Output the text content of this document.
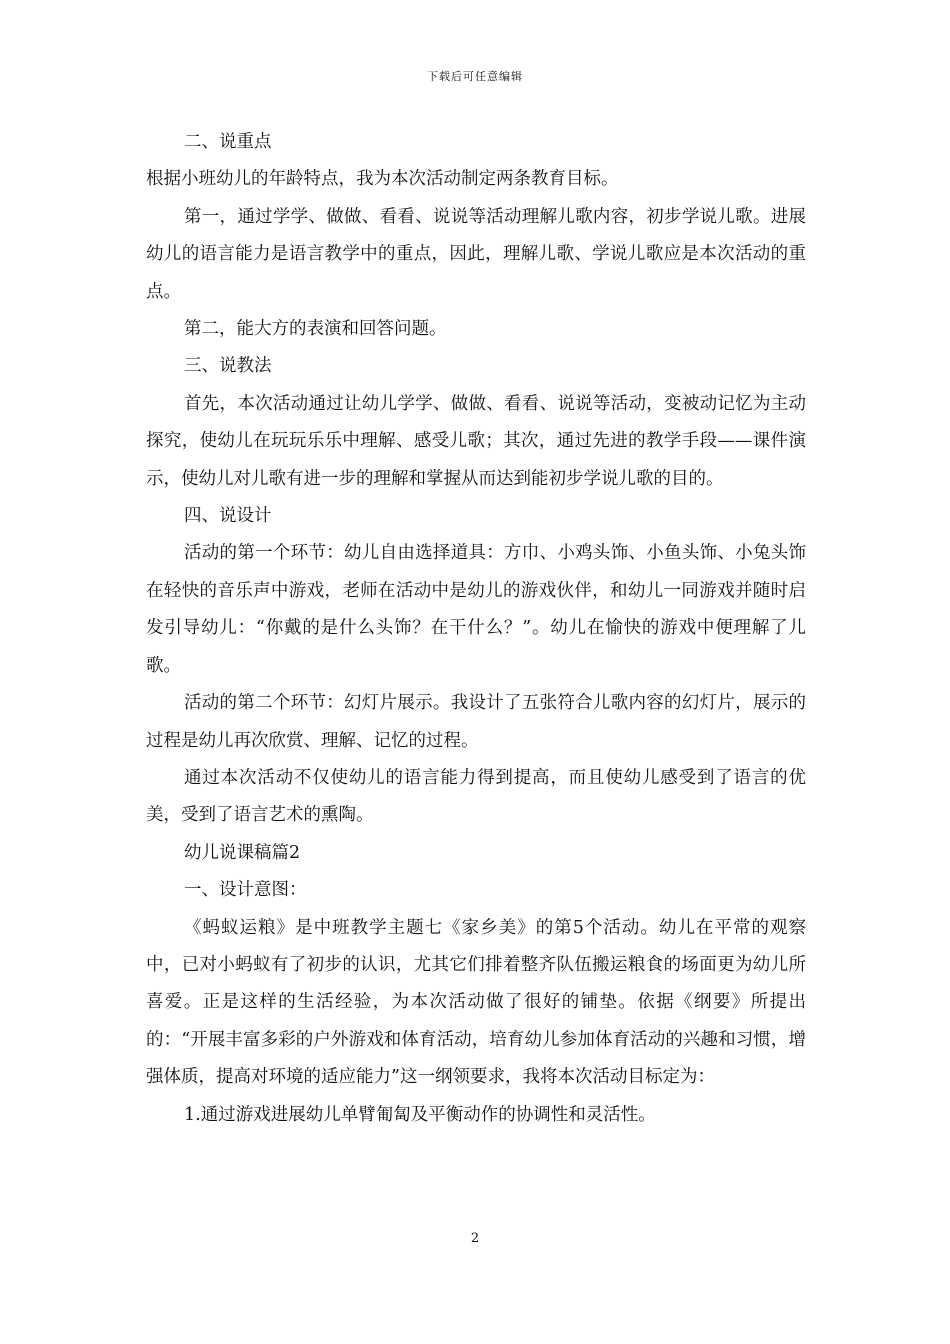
下载后可任意编辑

二、说重点

根据小班幼儿的年龄特点，我为本次活动制定两条教育目标。

第一，通过学学、做做、看看、说说等活动理解儿歌内容，初步学说儿歌。进展幼儿的语言能力是语言教学中的重点，因此，理解儿歌、学说儿歌应是本次活动的重点。

第二，能大方的表演和回答问题。

三、说教法

首先，本次活动通过让幼儿学学、做做、看看、说说等活动，变被动记忆为主动探究，使幼儿在玩玩乐乐中理解、感受儿歌；其次，通过先进的教学手段——课件演示，使幼儿对儿歌有进一步的理解和掌握从而达到能初步学说儿歌的目的。

四、说设计

活动的第一个环节：幼儿自由选择道具：方巾、小鸡头饰、小鱼头饰、小兔头饰在轻快的音乐声中游戏，老师在活动中是幼儿的游戏伙伴，和幼儿一同游戏并随时启发引导幼儿：“你戴的是什么头饰？在干什么？”。幼儿在愉快的游戏中便理解了儿歌。

活动的第二个环节：幻灯片展示。我设计了五张符合儿歌内容的幻灯片，展示的过程是幼儿再次欣赏、理解、记忆的过程。

通过本次活动不仅使幼儿的语言能力得到提高，而且使幼儿感受到了语言的优美，受到了语言艺术的熏陶。

幼儿说课稿篇2

一、设计意图：

《蚂蚁运粮》是中班教学主题七《家乡美》的第5个活动。幼儿在平常的观察中，已对小蚂蚁有了初步的认识，尤其它们排着整齐队伍搬运粮食的场面更为幼儿所喜爱。正是这样的生活经验，为本次活动做了很好的铺垫。依据《纲要》所提出的：“开展丰富多彩的户外游戏和体育活动，培育幼儿参加体育活动的兴趣和习惯，增强体质，提高对环境的适应能力”这一纲领要求，我将本次活动目标定为：

1.通过游戏进展幼儿单臂匍匐及平衡动作的协调性和灵活性。

2
